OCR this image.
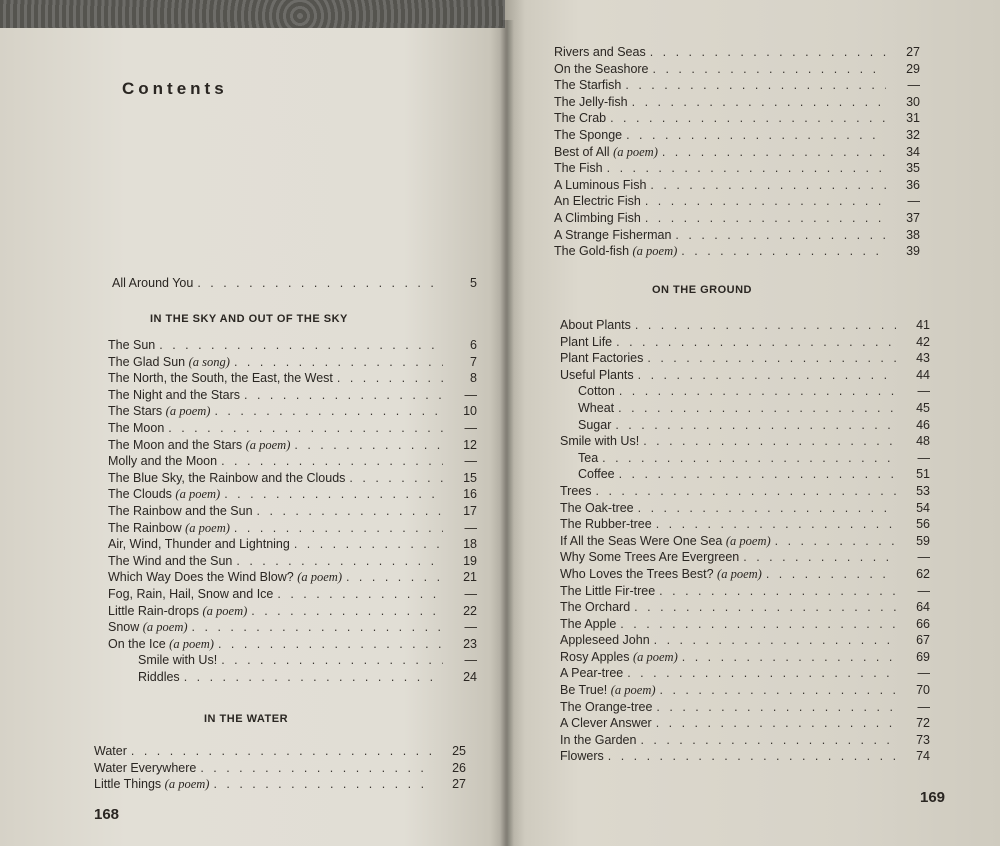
Contents
All Around You . . .	5
IN THE SKY AND OUT OF THE SKY
The Sun . . .	6
The Glad Sun (a song) . . .	7
The North, the South, the East, the West . . .	8
The Night and the Stars . . .	—
The Stars (a poem) . . .	10
The Moon . . .	—
The Moon and the Stars (a poem) . . .	12
Molly and the Moon . . .	—
The Blue Sky, the Rainbow and the Clouds . . .	15
The Clouds (a poem) . . .	16
The Rainbow and the Sun . . .	17
The Rainbow (a poem) . . .	—
Air, Wind, Thunder and Lightning . . .	18
The Wind and the Sun . . .	19
Which Way Does the Wind Blow? (a poem) . . .	21
Fog, Rain, Hail, Snow and Ice . . .	—
Little Rain-drops (a poem) . . .	22
Snow (a poem) . . .	—
On the Ice (a poem) . . .	23
Smile with Us! . . .	—
Riddles . . .	24
IN THE WATER
Water . . .	25
Water Everywhere . . .	26
Little Things (a poem) . . .	27
168
Rivers and Seas . . .	27
On the Seashore . . .	29
The Starfish . . .	—
The Jelly-fish . . .	30
The Crab . . .	31
The Sponge . . .	32
Best of All (a poem) . . .	34
The Fish . . .	35
A Luminous Fish . . .	36
An Electric Fish . . .	—
A Climbing Fish . . .	37
A Strange Fisherman . . .	38
The Gold-fish (a poem) . . .	39
ON THE GROUND
About Plants . . .	41
Plant Life . . .	42
Plant Factories . . .	43
Useful Plants . . .	44
Cotton . . .	—
Wheat . . .	45
Sugar . . .	46
Smile with Us! . . .	48
Tea . . .	—
Coffee . . .	51
Trees . . .	53
The Oak-tree . . .	54
The Rubber-tree . . .	56
If All the Seas Were One Sea (a poem) . . .	59
Why Some Trees Are Evergreen . . .	—
Who Loves the Trees Best? (a poem) . . .	62
The Little Fir-tree . . .	—
The Orchard . . .	64
The Apple . . .	66
Appleseed John . . .	67
Rosy Apples (a poem) . . .	69
A Pear-tree . . .	—
Be True! (a poem) . . .	70
The Orange-tree . . .	—
A Clever Answer . . .	72
In the Garden . . .	73
Flowers . . .	74
169
